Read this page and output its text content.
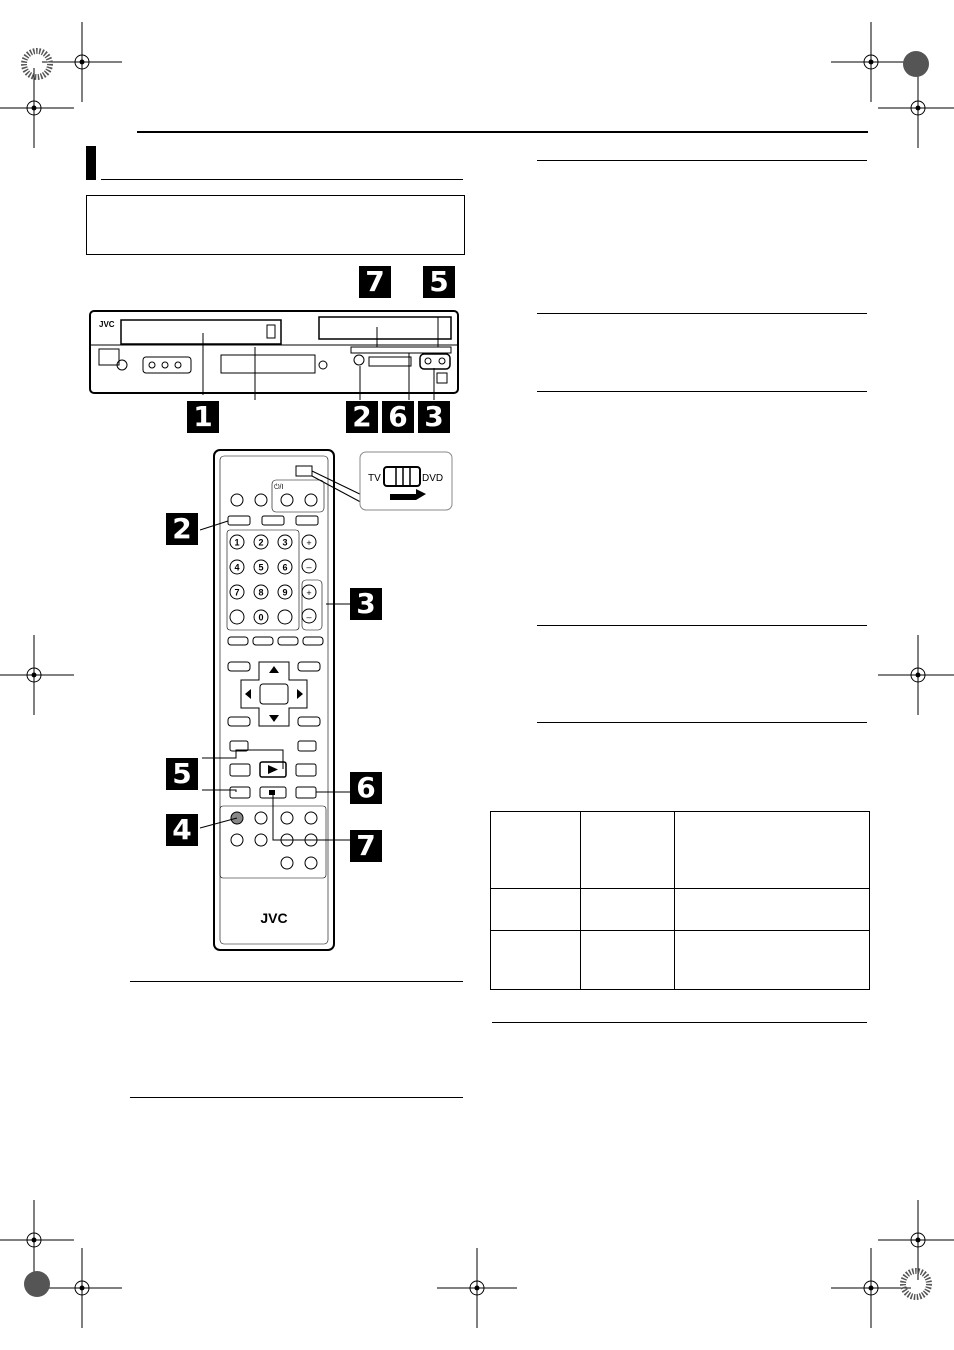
JVC
1	2 6 3
7 5
TV	DVD
⏻/I
1 2 3
4 5 6
7 8 9
0
+
–
+
–
JVC
2
3
5	6
4	7
